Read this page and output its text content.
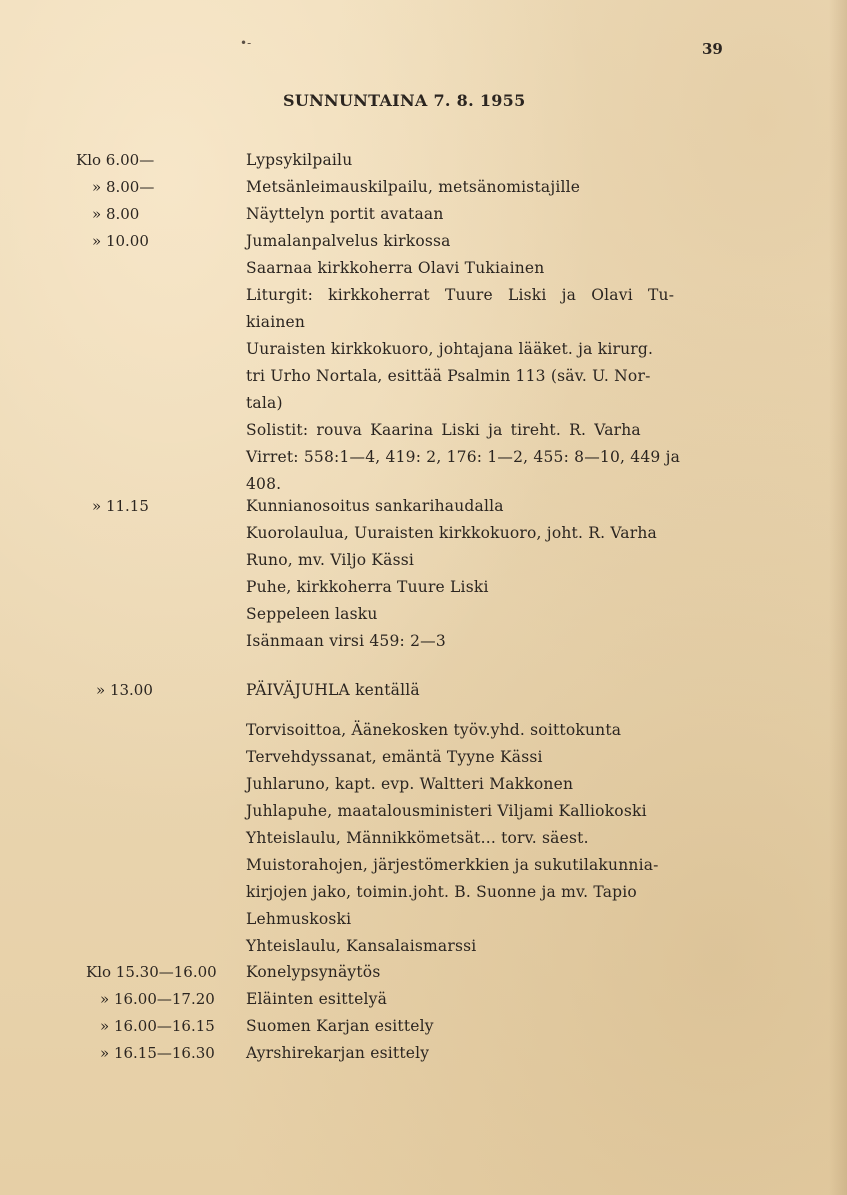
•-	39
SUNNUNTAINA 7. 8. 1955
Klo 6.00—
» 8.00—
» 8.00
» 10.00
» 11.15
» 13.00
Klo 15.30—16.00
» 16.00—17.20
» 16.00—16.15
» 16.15—16.30
Lypsykilpailu
Metsänleimauskilpailu, metsänomistajille
Näyttelyn portit avataan
Jumalanpalvelus kirkossa
Saarnaa kirkkoherra Olavi Tukiainen
Liturgit: kirkkoherrat Tuure Liski ja Olavi Tu-
kiainen
Uuraisten kirkkokuoro, johtajana lääket. ja kirurg.
tri Urho Nortala, esittää Psalmin 113 (säv. U. Nor-
tala)
Solistit: rouva Kaarina Liski ja tireht. R. Varha
Virret: 558:1—4, 419: 2, 176: 1—2, 455: 8—10, 449 ja
408.
Kunnianosoitus sankarihaudalla
Kuorolaulua, Uuraisten kirkkokuoro, joht. R. Varha
Runo, mv. Viljo Kässi
Puhe, kirkkoherra Tuure Liski
Seppeleen lasku
Isänmaan virsi 459: 2—3
PÄIVÄJUHLA kentällä
Torvisoittoa, Äänekosken työv.yhd. soittokunta
Tervehdyssanat, emäntä Tyyne Kässi
Juhlaruno, kapt. evp. Waltteri Makkonen
Juhlapuhe, maatalousministeri Viljami Kalliokoski
Yhteislaulu, Männikkömetsät... torv. säest.
Muistorahojen, järjestömerkkien ja sukutilakunnia-
kirjojen jako, toimin.joht. B. Suonne ja mv. Tapio
Lehmuskoski
Yhteislaulu, Kansalaismarssi
Konelypsynäytös
Eläinten esittelyä
Suomen Karjan esittely
Ayrshirekarjan esittely
